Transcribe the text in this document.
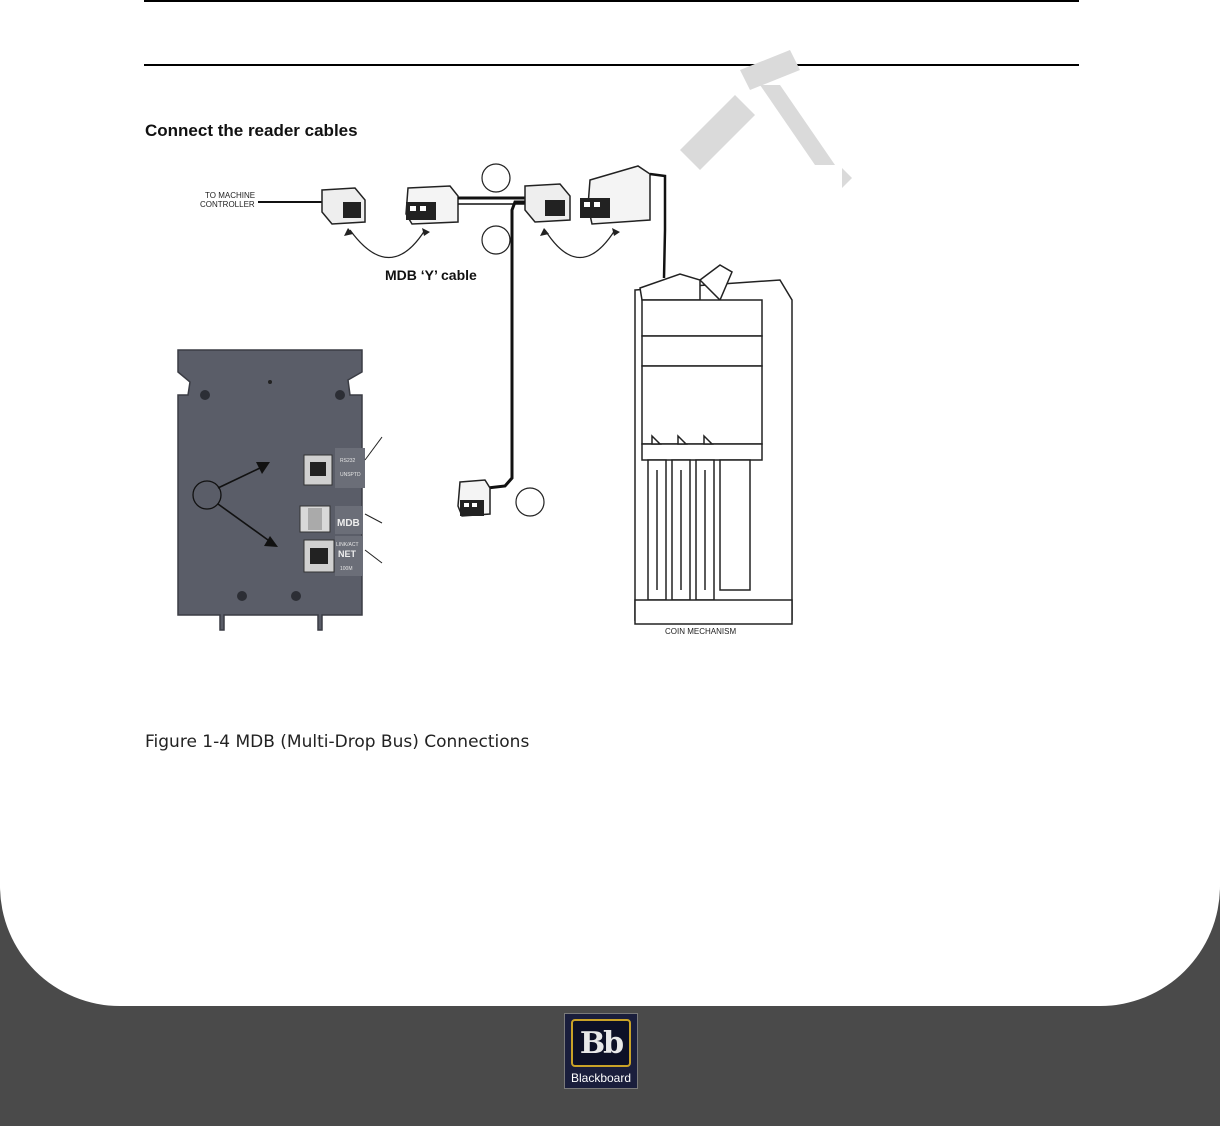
Connect the reader cables
TO MACHINE
CONTROLLER
MDB ‘Y’ cable
RS232
UNSPTD
MDB
LINK/ACT
NET
100M
COIN MECHANISM
Figure 1-4 MDB (Multi-Drop Bus) Connections
Bb
Blackboard
